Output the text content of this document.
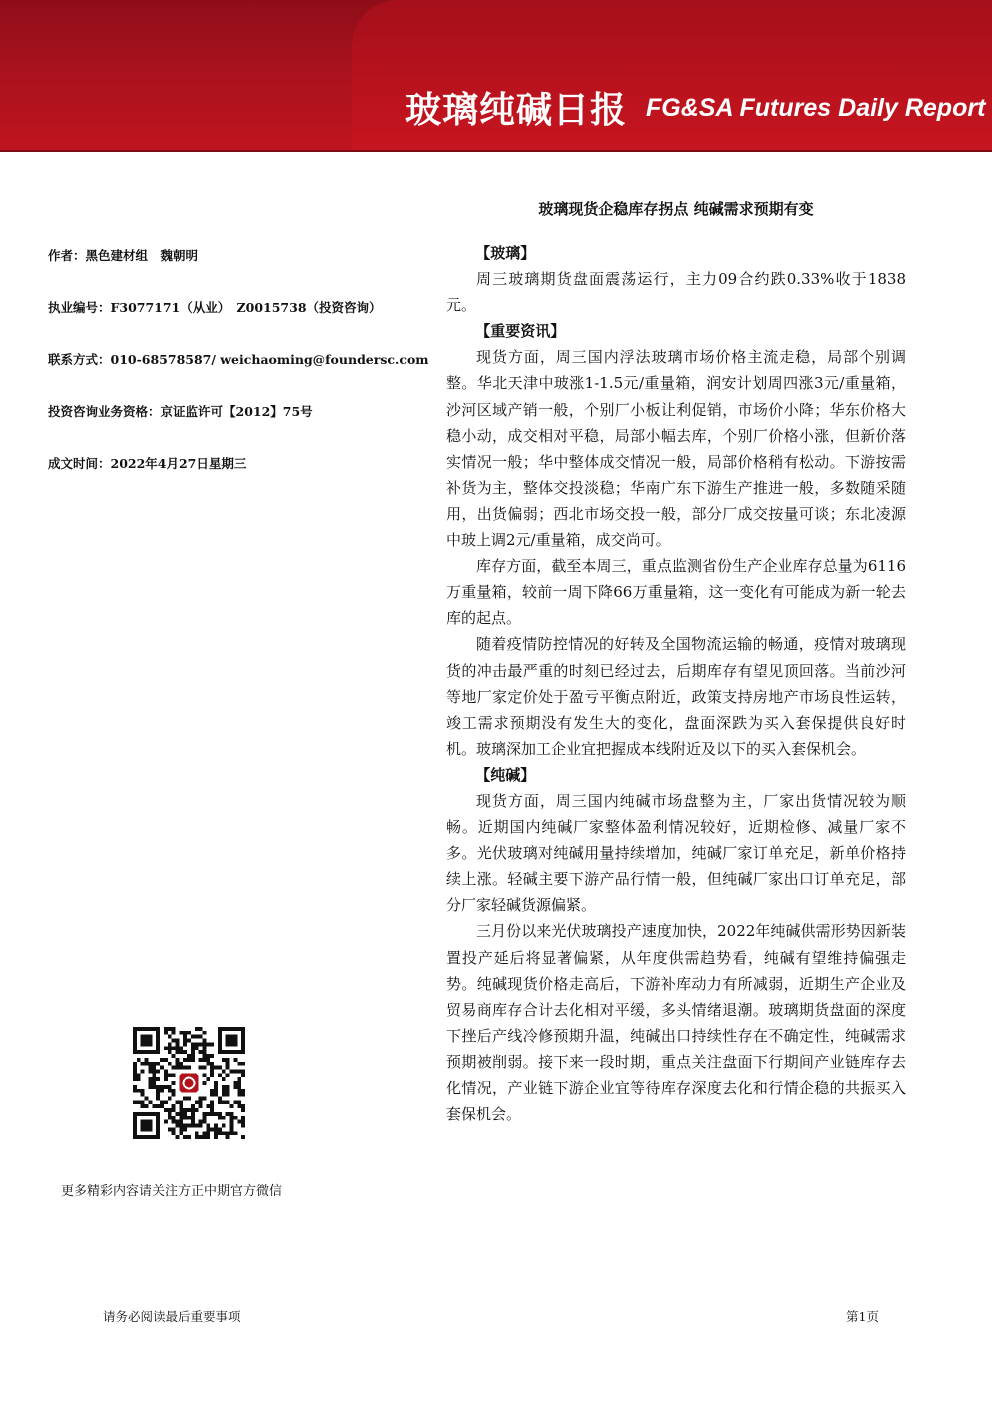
玻璃纯碱日报 FG&SA Futures Daily Report
玻璃现货企稳库存拐点 纯碱需求预期有变
作者：黑色建材组　魏朝明
执业编号：F3077171（从业）　Z0015738（投资咨询）
联系方式：010-68578587/ weichaoming@foundersc.com
投资咨询业务资格：京证监许可【2012】75号
成文时间：2022年4月27日星期三

【玻璃】

周三玻璃期货盘面震荡运行，主力09合约跌0.33%收于1838元。

【重要资讯】

现货方面，周三国内浮法玻璃市场价格主流走稳，局部个别调整。华北天津中玻涨1-1.5元/重量箱，润安计划周四涨3元/重量箱，沙河区域产销一般，个别厂小板让利促销，市场价小降；华东价格大稳小动，成交相对平稳，局部小幅去库，个别厂价格小涨，但新价落实情况一般；华中整体成交情况一般，局部价格稍有松动。下游按需补货为主，整体交投淡稳；华南广东下游生产推进一般，多数随采随用，出货偏弱；西北市场交投一般，部分厂成交按量可谈；东北凌源中玻上调2元/重量箱，成交尚可。

库存方面，截至本周三，重点监测省份生产企业库存总量为6116万重量箱，较前一周下降66万重量箱，这一变化有可能成为新一轮去库的起点。

随着疫情防控情况的好转及全国物流运输的畅通，疫情对玻璃现货的冲击最严重的时刻已经过去，后期库存有望见顶回落。当前沙河等地厂家定价处于盈亏平衡点附近，政策支持房地产市场良性运转，竣工需求预期没有发生大的变化，盘面深跌为买入套保提供良好时机。玻璃深加工企业宜把握成本线附近及以下的买入套保机会。

【纯碱】

现货方面，周三国内纯碱市场盘整为主，厂家出货情况较为顺畅。近期国内纯碱厂家整体盈利情况较好，近期检修、减量厂家不多。光伏玻璃对纯碱用量持续增加，纯碱厂家订单充足，新单价格持续上涨。轻碱主要下游产品行情一般，但纯碱厂家出口订单充足，部分厂家轻碱货源偏紧。

三月份以来光伏玻璃投产速度加快，2022年纯碱供需形势因新装置投产延后将显著偏紧，从年度供需趋势看，纯碱有望维持偏强走势。纯碱现货价格走高后，下游补库动力有所减弱，近期生产企业及贸易商库存合计去化相对平缓，多头情绪退潮。玻璃期货盘面的深度下挫后产线冷修预期升温，纯碱出口持续性存在不确定性，纯碱需求预期被削弱。接下来一段时期，重点关注盘面下行期间产业链库存去化情况，产业链下游企业宜等待库存深度去化和行情企稳的共振买入套保机会。

更多精彩内容请关注方正中期官方微信
请务必阅读最后重要事项	第1页
